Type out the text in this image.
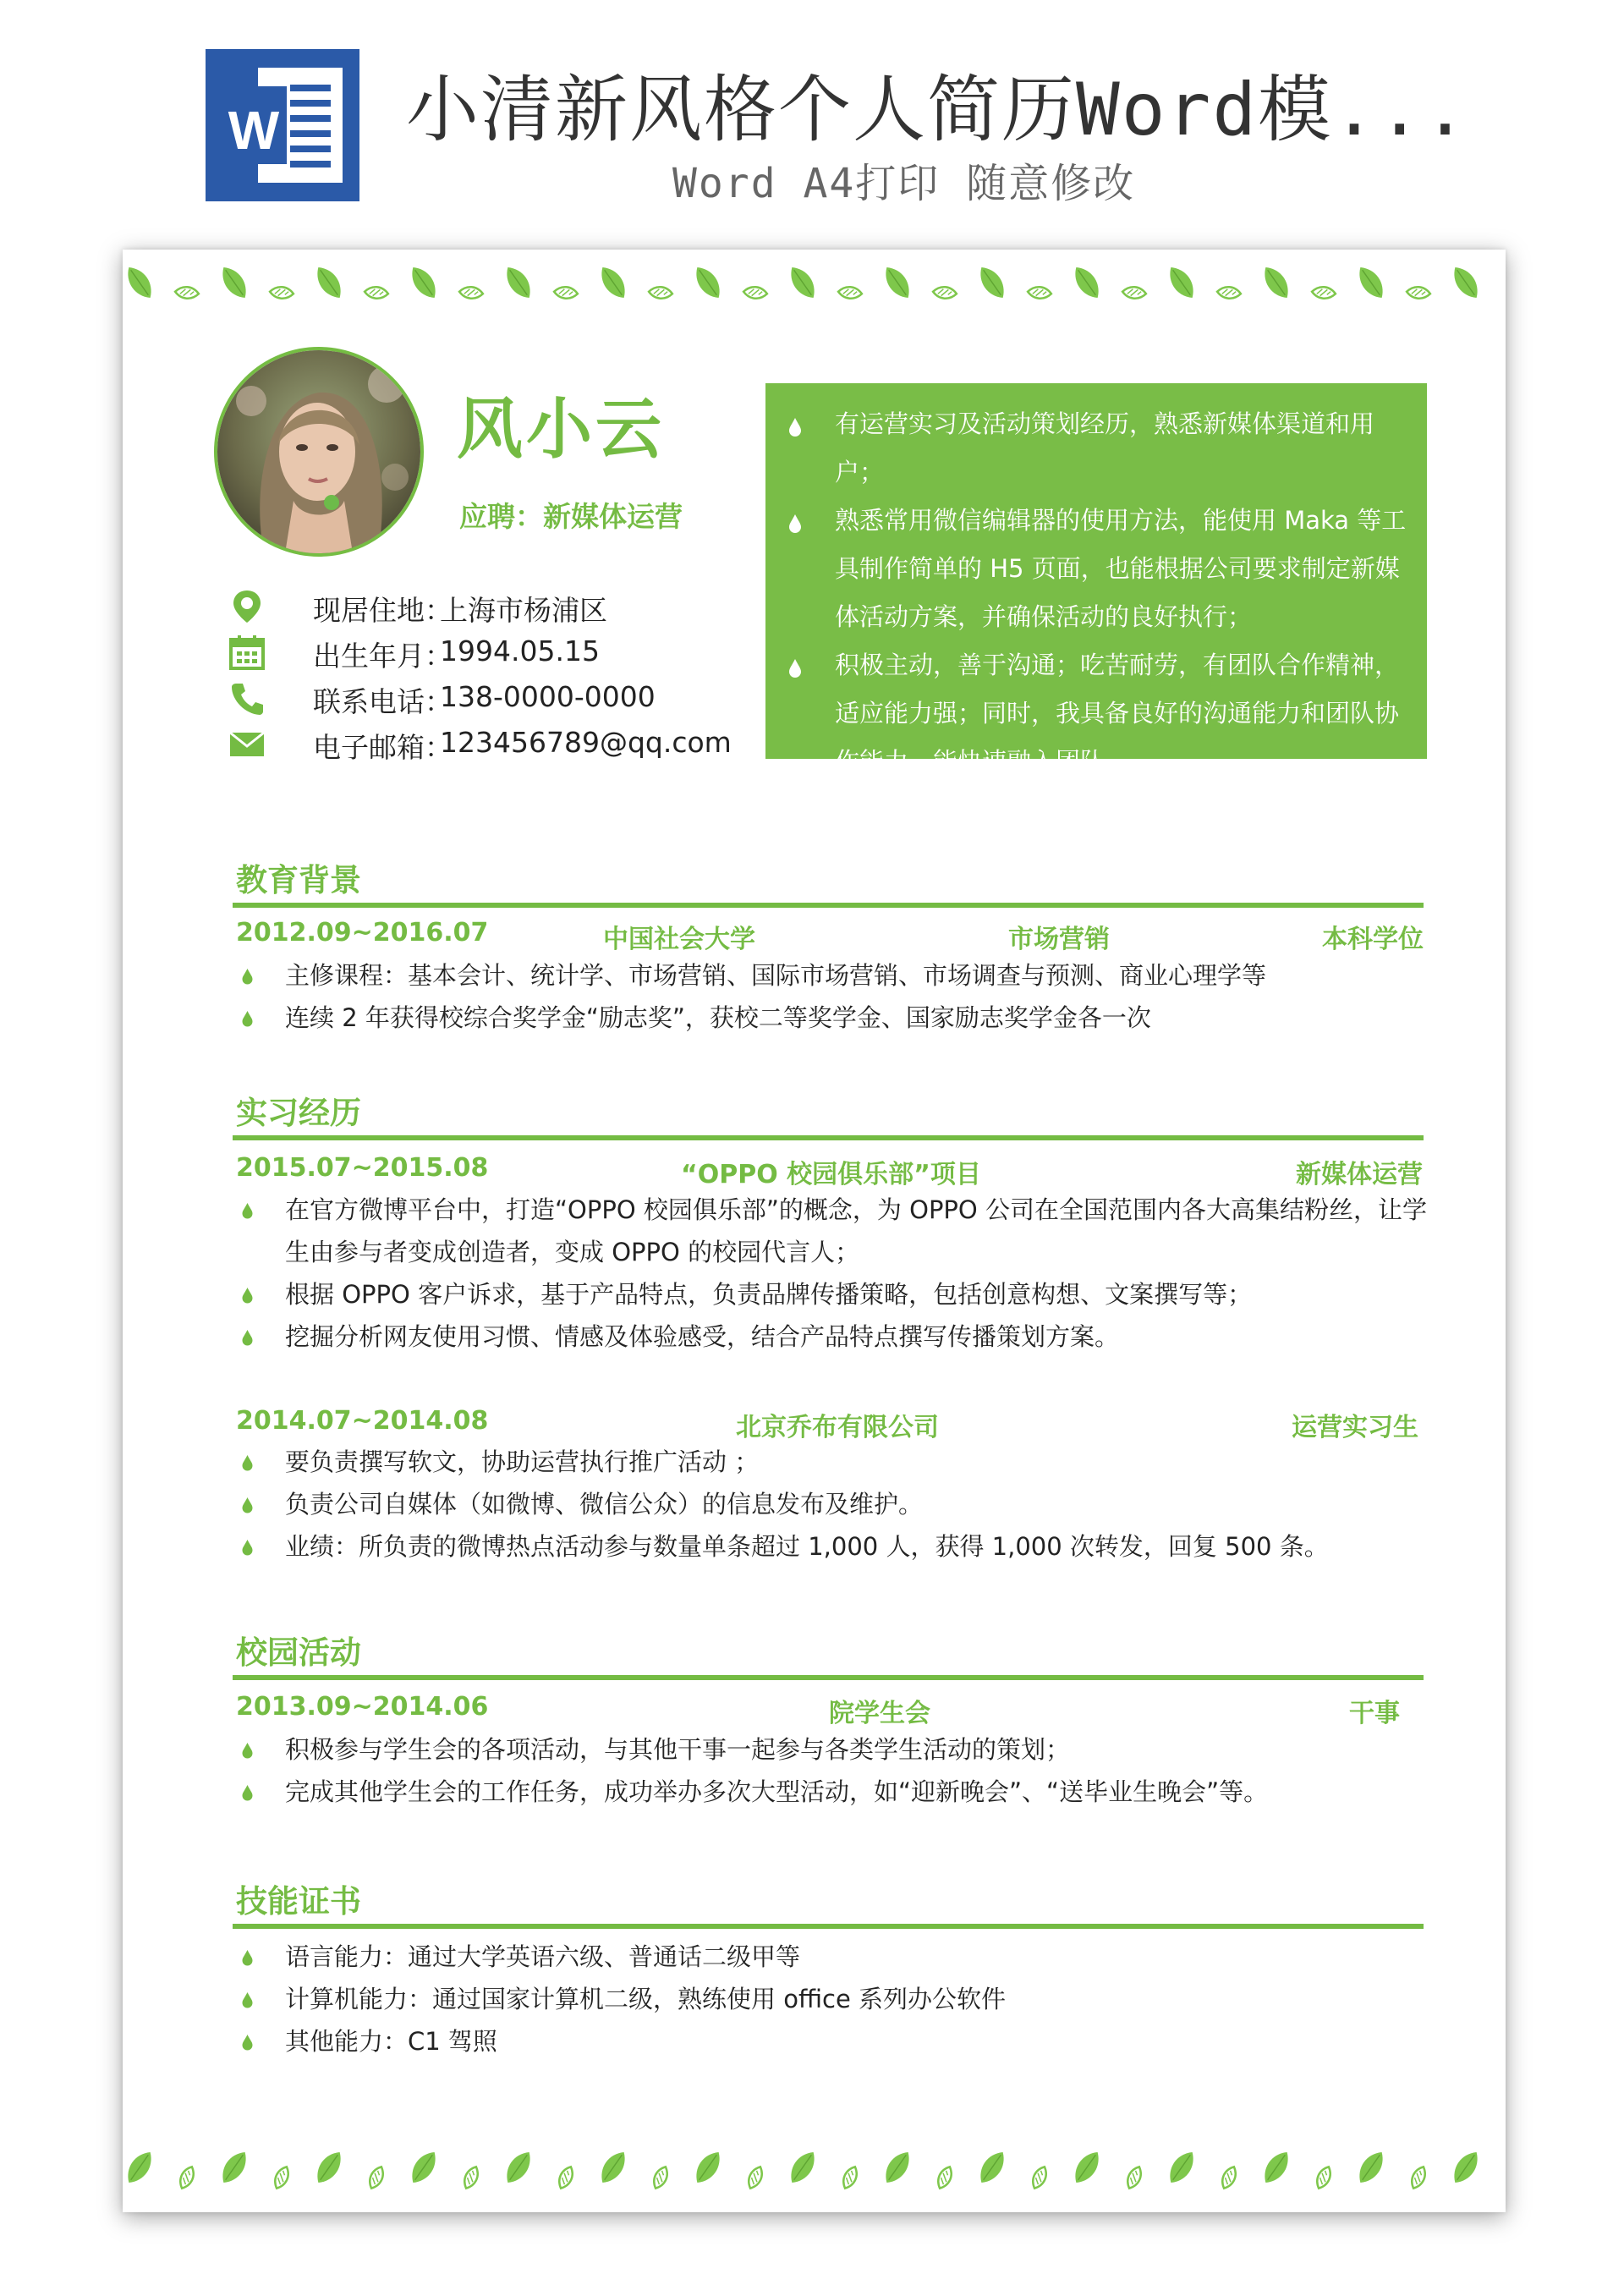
W 小清新风格个人简历Word模...
Word A4打印 随意修改
风小云
应聘：新媒体运营
现居住地：
上海市杨浦区
出生年月：
1994.05.15
联系电话：
138-0000-0000
电子邮箱：
123456789@qq.com
有运营实习及活动策划经历，熟悉新媒体渠道和用户；
熟悉常用微信编辑器的使用方法，能使用 Maka 等工具制作简单的 H5 页面，也能根据公司要求制定新媒体活动方案，并确保活动的良好执行；
积极主动，善于沟通；吃苦耐劳，有团队合作精神，适应能力强；同时，我具备良好的沟通能力和团队协作能力，能快速融入团队。
教育背景
2012.09~2016.07	中国社会大学	市场营销	本科学位
主修课程：基本会计、统计学、市场营销、国际市场营销、市场调查与预测、商业心理学等
连续 2 年获得校综合奖学金“励志奖”，获校二等奖学金、国家励志奖学金各一次
实习经历
2015.07~2015.08	“OPPO 校园俱乐部”项目	新媒体运营
在官方微博平台中，打造“OPPO 校园俱乐部”的概念，为 OPPO 公司在全国范围内各大高集结粉丝，让学生由参与者变成创造者，变成 OPPO 的校园代言人；
根据 OPPO 客户诉求，基于产品特点，负责品牌传播策略，包括创意构想、文案撰写等；
挖掘分析网友使用习惯、情感及体验感受，结合产品特点撰写传播策划方案。
2014.07~2014.08	北京乔布有限公司	运营实习生
要负责撰写软文，协助运营执行推广活动 ；
负责公司自媒体（如微博、微信公众）的信息发布及维护。
业绩：所负责的微博热点活动参与数量单条超过 1,000 人，获得 1,000 次转发，回复 500 条。
校园活动
2013.09~2014.06	院学生会	干事
积极参与学生会的各项活动，与其他干事一起参与各类学生活动的策划；
完成其他学生会的工作任务，成功举办多次大型活动，如“迎新晚会”、“送毕业生晚会”等。
技能证书
语言能力：通过大学英语六级、普通话二级甲等
计算机能力：通过国家计算机二级，熟练使用 office 系列办公软件
其他能力：C1 驾照
